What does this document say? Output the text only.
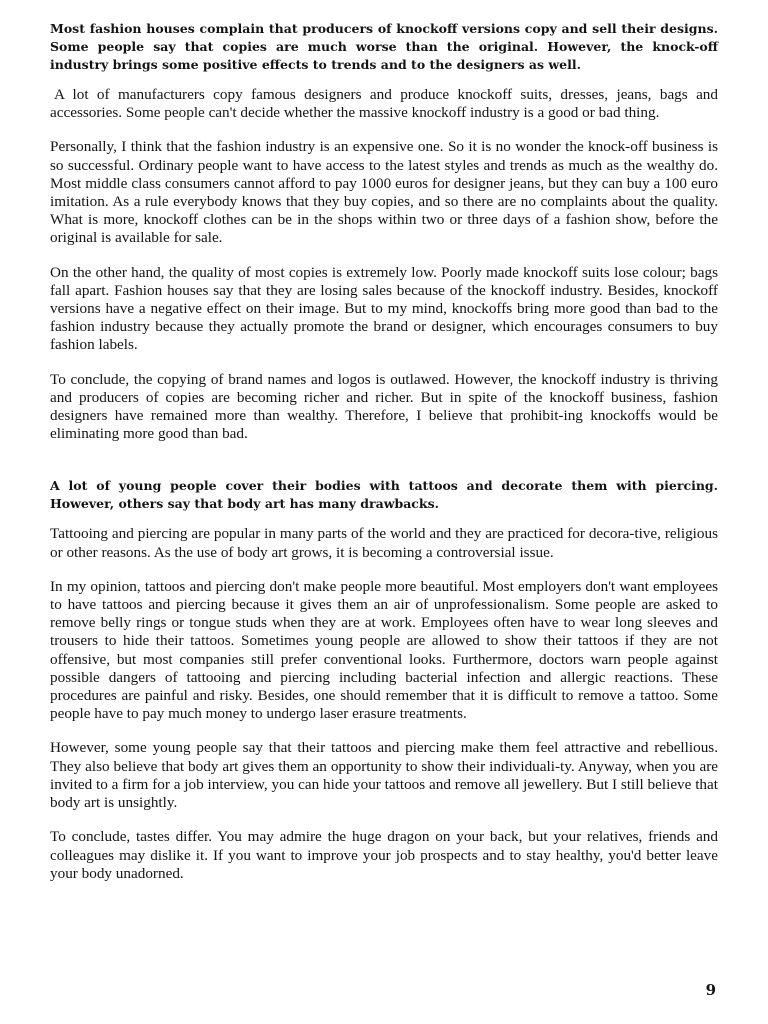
Most fashion houses complain that producers of knockoff versions copy and sell their designs. Some people say that copies are much worse than the original. However, the knock-off industry brings some positive effects to trends and to the designers as well.

A lot of manufacturers copy famous designers and produce knockoff suits, dresses, jeans, bags and accessories. Some people can't decide whether the massive knockoff industry is a good or bad thing.

Personally, I think that the fashion industry is an expensive one. So it is no wonder the knock-off business is so successful. Ordinary people want to have access to the latest styles and trends as much as the wealthy do. Most middle class consumers cannot afford to pay 1000 euros for designer jeans, but they can buy a 100 euro imitation. As a rule everybody knows that they buy copies, and so there are no complaints about the quality. What is more, knockoff clothes can be in the shops within two or three days of a fashion show, before the original is available for sale.

On the other hand, the quality of most copies is extremely low. Poorly made knockoff suits lose colour; bags fall apart. Fashion houses say that they are losing sales because of the knockoff industry. Besides, knockoff versions have a negative effect on their image. But to my mind, knockoffs bring more good than bad to the fashion industry because they actually promote the brand or designer, which encourages consumers to buy fashion labels.

To conclude, the copying of brand names and logos is outlawed. However, the knockoff industry is thriving and producers of copies are becoming richer and richer. But in spite of the knockoff business, fashion designers have remained more than wealthy. Therefore, I believe that prohibit-ing knockoffs would be eliminating more good than bad.

A lot of young people cover their bodies with tattoos and decorate them with piercing. However, others say that body art has many drawbacks.

Tattooing and piercing are popular in many parts of the world and they are practiced for decora-tive, religious or other reasons. As the use of body art grows, it is becoming a controversial issue.

In my opinion, tattoos and piercing don't make people more beautiful. Most employers don't want employees to have tattoos and piercing because it gives them an air of unprofessionalism. Some people are asked to remove belly rings or tongue studs when they are at work. Employees often have to wear long sleeves and trousers to hide their tattoos. Sometimes young people are allowed to show their tattoos if they are not offensive, but most companies still prefer conventional looks. Furthermore, doctors warn people against possible dangers of tattooing and piercing including bacterial infection and allergic reactions. These procedures are painful and risky. Besides, one should remember that it is difficult to remove a tattoo. Some people have to pay much money to undergo laser erasure treatments.

However, some young people say that their tattoos and piercing make them feel attractive and rebellious. They also believe that body art gives them an opportunity to show their individuali-ty. Anyway, when you are invited to a firm for a job interview, you can hide your tattoos and remove all jewellery. But I still believe that body art is unsightly.

To conclude, tastes differ. You may admire the huge dragon on your back, but your relatives, friends and colleagues may dislike it. If you want to improve your job prospects and to stay healthy, you'd better leave your body unadorned.

9
